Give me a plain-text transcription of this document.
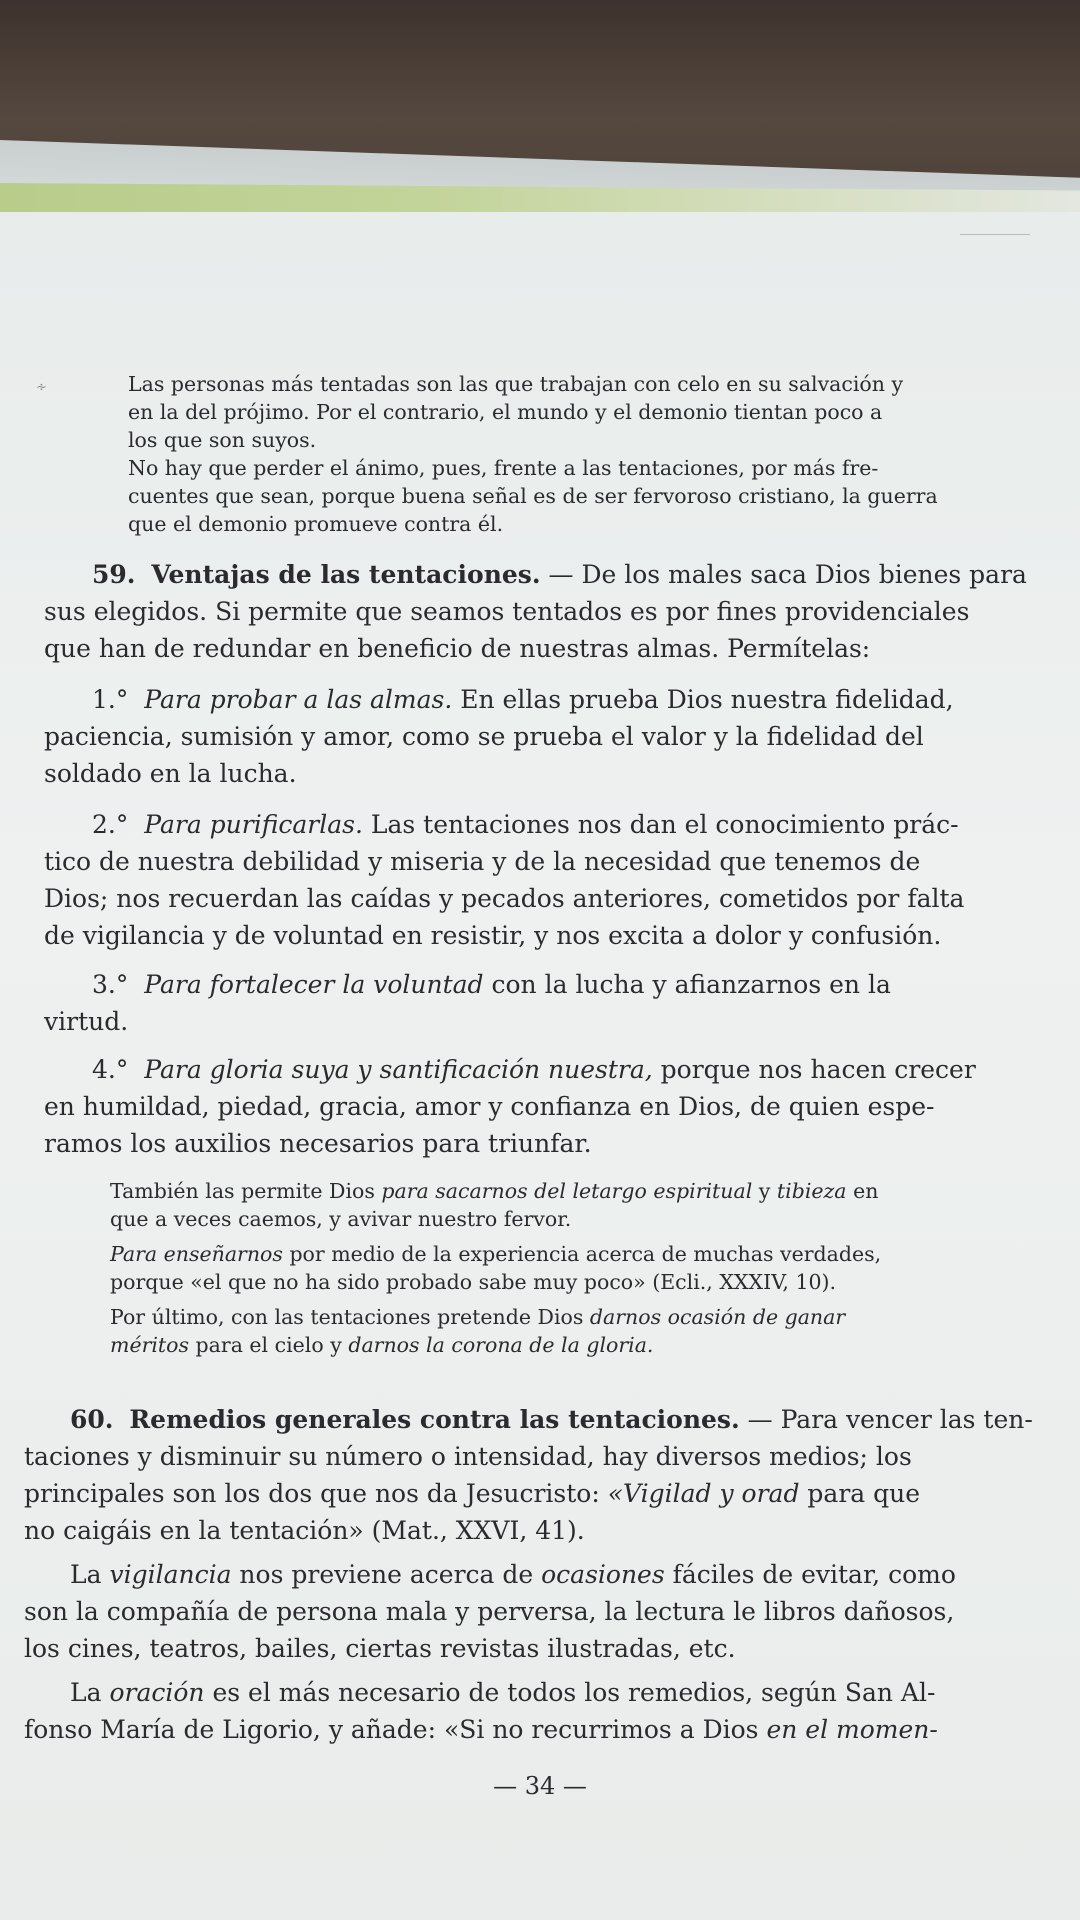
∻	Las personas más tentadas son las que trabajan con celo en su salvación y
en la del prójimo. Por el contrario, el mundo y el demonio tientan poco a
los que son suyos.
No hay que perder el ánimo, pues, frente a las tentaciones, por más fre-
cuentes que sean, porque buena señal es de ser fervoroso cristiano, la guerra
que el demonio promueve contra él.
59. Ventajas de las tentaciones. — De los males saca Dios bienes para
sus elegidos. Si permite que seamos tentados es por fines providenciales
que han de redundar en beneficio de nuestras almas. Permítelas:
1.° Para probar a las almas. En ellas prueba Dios nuestra fidelidad,
paciencia, sumisión y amor, como se prueba el valor y la fidelidad del
soldado en la lucha.
2.° Para purificarlas. Las tentaciones nos dan el conocimiento prác-
tico de nuestra debilidad y miseria y de la necesidad que tenemos de
Dios; nos recuerdan las caídas y pecados anteriores, cometidos por falta
de vigilancia y de voluntad en resistir, y nos excita a dolor y confusión.
3.° Para fortalecer la voluntad con la lucha y afianzarnos en la
virtud.
4.° Para gloria suya y santificación nuestra, porque nos hacen crecer
en humildad, piedad, gracia, amor y confianza en Dios, de quien espe-
ramos los auxilios necesarios para triunfar.
También las permite Dios para sacarnos del letargo espiritual y tibieza en
que a veces caemos, y avivar nuestro fervor.
Para enseñarnos por medio de la experiencia acerca de muchas verdades,
porque «el que no ha sido probado sabe muy poco» (Ecli., XXXIV, 10).
Por último, con las tentaciones pretende Dios darnos ocasión de ganar
méritos para el cielo y darnos la corona de la gloria.
60. Remedios generales contra las tentaciones. — Para vencer las ten-
taciones y disminuir su número o intensidad, hay diversos medios; los
principales son los dos que nos da Jesucristo: «Vigilad y orad para que
no caigáis en la tentación» (Mat., XXVI, 41).
La vigilancia nos previene acerca de ocasiones fáciles de evitar, como
son la compañía de persona mala y perversa, la lectura le libros dañosos,
los cines, teatros, bailes, ciertas revistas ilustradas, etc.
La oración es el más necesario de todos los remedios, según San Al-
fonso María de Ligorio, y añade: «Si no recurrimos a Dios en el momen-
— 34 —
